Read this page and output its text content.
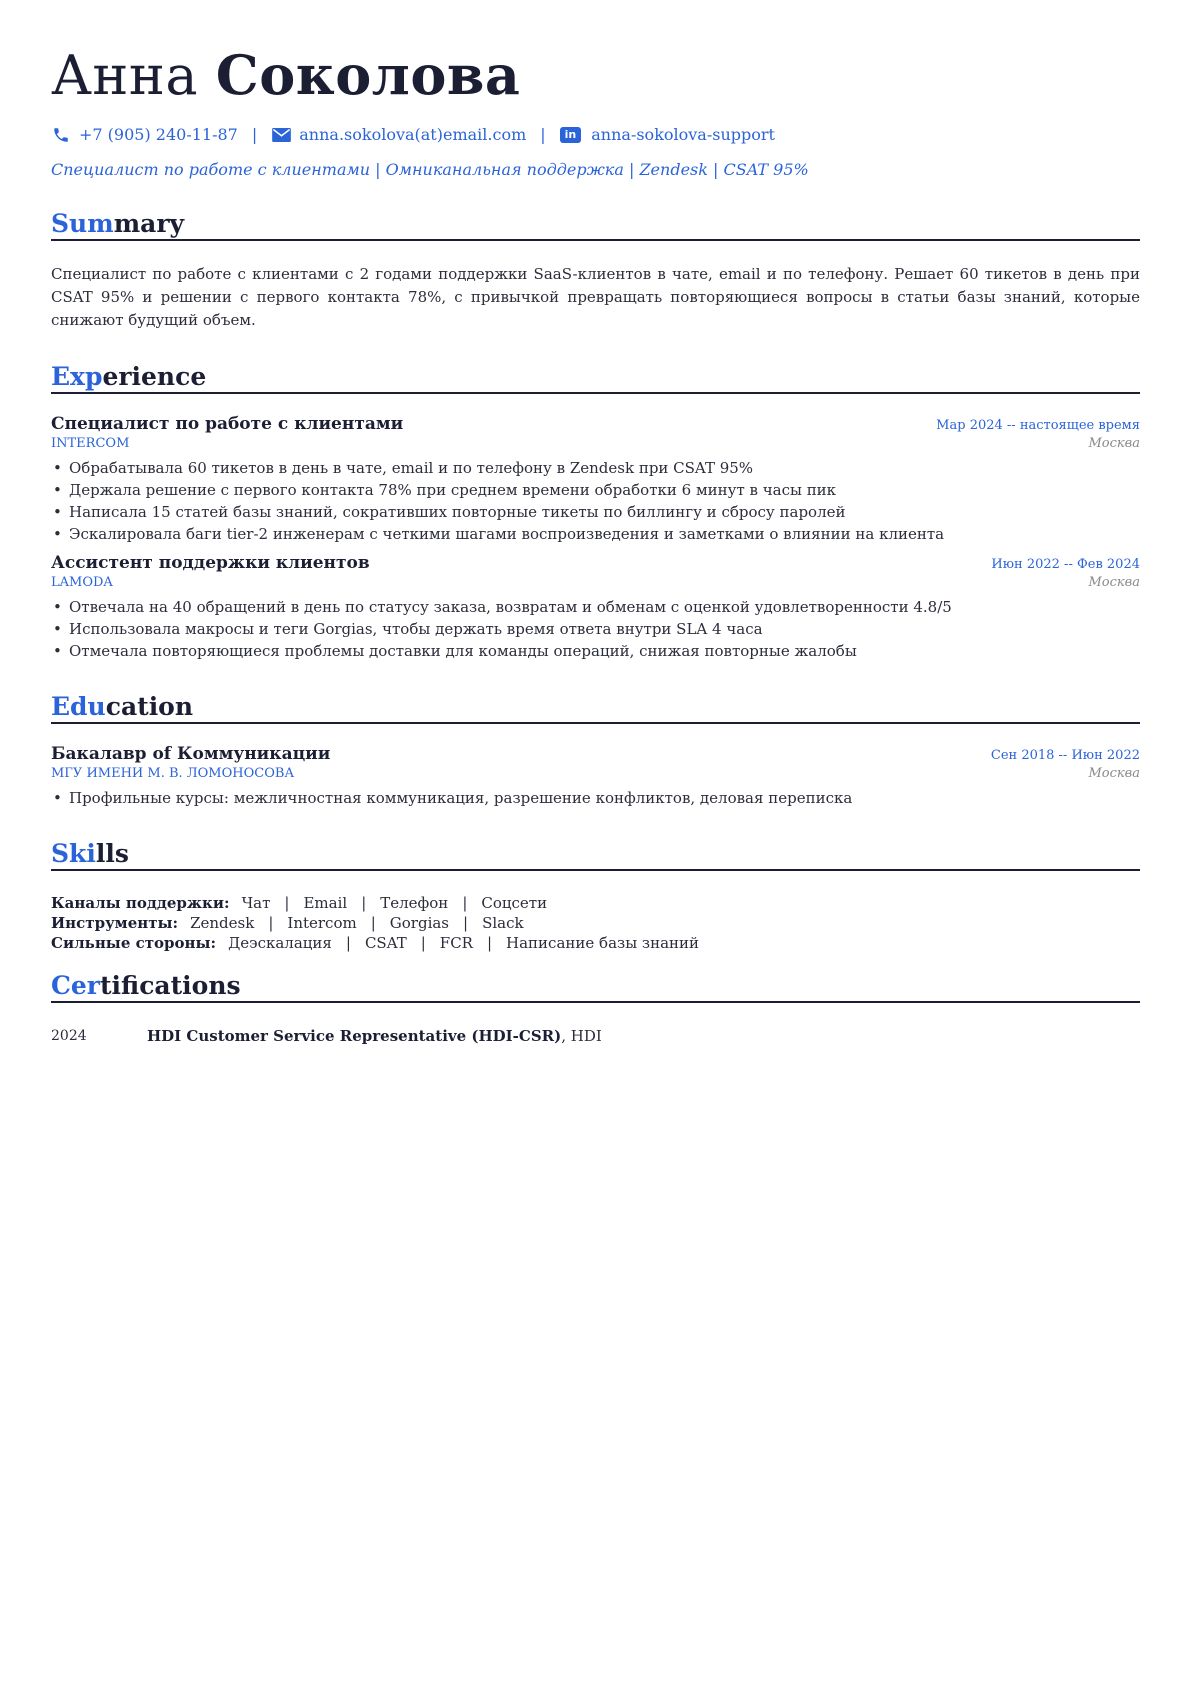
Анна Соколова
+7 (905) 240-11-87 |	anna.sokolova(at)email.com |	in anna-sokolova-support
Специалист по работе с клиентами | Омниканальная поддержка | Zendesk | CSAT 95%
Summary

Специалист по работе с клиентами с 2 годами поддержки SaaS-клиентов в чате, email и по телефону. Решает 60 тикетов в день при CSAT 95% и решении с первого контакта 78%, с привычкой превращать повторяющиеся вопросы в статьи базы знаний, которые снижают будущий объем.

Experience
Специалист по работе с клиентами	Мар 2024 -- настоящее время
INTERCOM	Москва
• Обрабатывала 60 тикетов в день в чате, email и по телефону в Zendesk при CSAT 95%
• Держала решение с первого контакта 78% при среднем времени обработки 6 минут в часы пик
• Написала 15 статей базы знаний, сокративших повторные тикеты по биллингу и сбросу паролей
• Эскалировала баги tier-2 инженерам с четкими шагами воспроизведения и заметками о влиянии на клиента
Ассистент поддержки клиентов	Июн 2022 -- Фев 2024
LAMODA	Москва
• Отвечала на 40 обращений в день по статусу заказа, возвратам и обменам с оценкой удовлетворенности 4.8/5
• Использовала макросы и теги Gorgias, чтобы держать время ответа внутри SLA 4 часа
• Отмечала повторяющиеся проблемы доставки для команды операций, снижая повторные жалобы
Education
Бакалавр of Коммуникации	Сен 2018 -- Июн 2022
МГУ ИМЕНИ М. В. ЛОМОНОСОВА	Москва
• Профильные курсы: межличностная коммуникация, разрешение конфликтов, деловая переписка
Skills
Каналы поддержки: Чат | Email | Телефон | Соцсети
Инструменты: Zendesk | Intercom | Gorgias | Slack
Сильные стороны: Деэскалация | CSAT | FCR | Написание базы знаний
Certifications
2024	HDI Customer Service Representative (HDI-CSR), HDI
